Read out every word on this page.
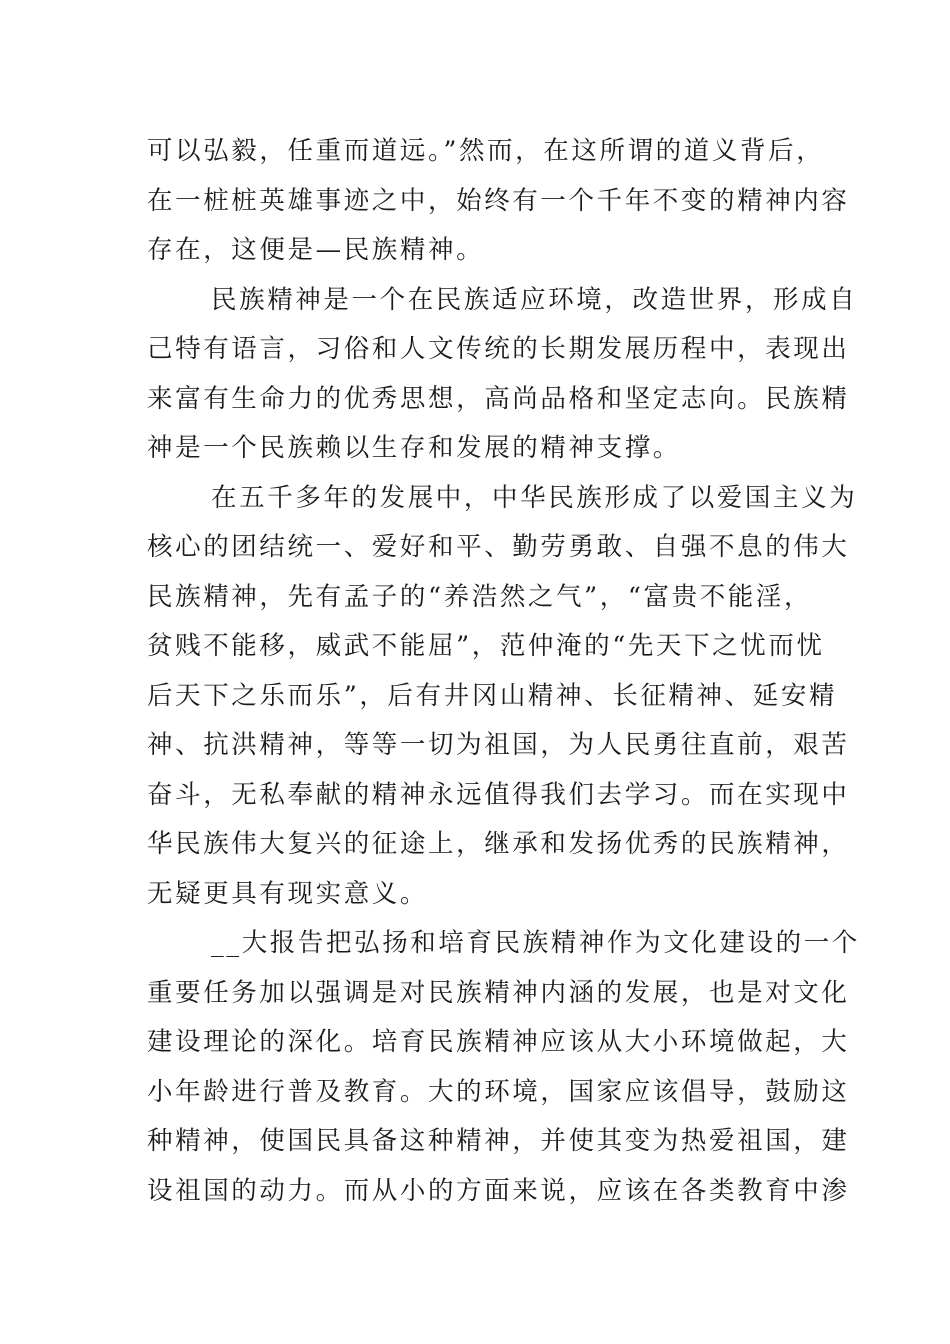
可以弘毅，任重而道远。”然而，在这所谓的道义背后，
在一桩桩英雄事迹之中，始终有一个千年不变的精神内容
存在，这便是—民族精神。
民族精神是一个在民族适应环境，改造世界，形成自
己特有语言，习俗和人文传统的长期发展历程中，表现出
来富有生命力的优秀思想，高尚品格和坚定志向。民族精
神是一个民族赖以生存和发展的精神支撑。
在五千多年的发展中，中华民族形成了以爱国主义为
核心的团结统一、爱好和平、勤劳勇敢、自强不息的伟大
民族精神，先有孟子的“养浩然之气”，“富贵不能淫，
贫贱不能移，威武不能屈”，范仲淹的“先天下之忧而忧
后天下之乐而乐”，后有井冈山精神、长征精神、延安精
神、抗洪精神，等等一切为祖国，为人民勇往直前，艰苦
奋斗，无私奉献的精神永远值得我们去学习。而在实现中
华民族伟大复兴的征途上，继承和发扬优秀的民族精神，
无疑更具有现实意义。
__大报告把弘扬和培育民族精神作为文化建设的一个
重要任务加以强调是对民族精神内涵的发展，也是对文化
建设理论的深化。培育民族精神应该从大小环境做起，大
小年龄进行普及教育。大的环境，国家应该倡导，鼓励这
种精神，使国民具备这种精神，并使其变为热爱祖国，建
设祖国的动力。而从小的方面来说，应该在各类教育中渗
